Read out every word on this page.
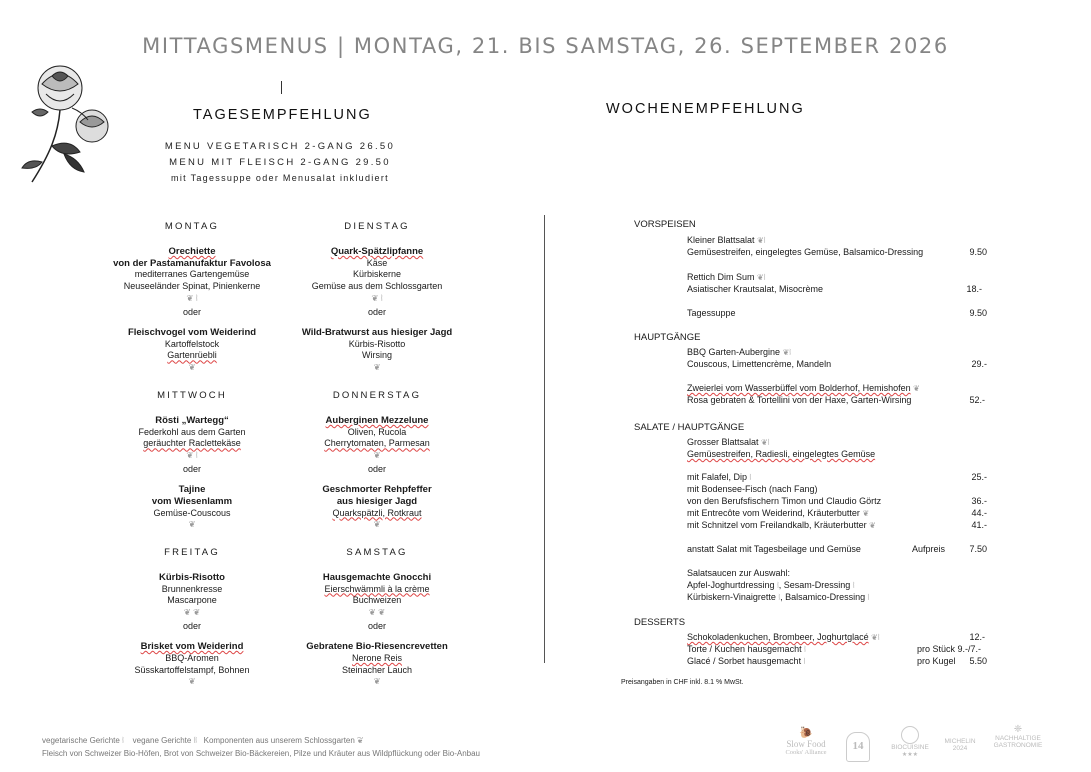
MITTAGSMENUS | MONTAG, 21. BIS SAMSTAG, 26. SEPTEMBER 2026
TAGESEMPFEHLUNG	WOCHENEMPFEHLUNG
MENU VEGETARISCH 2-GANG 26.50
MENU MIT FLEISCH 2-GANG 29.50
mit Tagessuppe oder Menusalat inkludiert
MONTAG
Orechiette
von der Pastamanufaktur Favolosa
mediterranes Gartengemüse
Neuseeländer Spinat, Pinienkerne
❦ ⦚
oder
Fleischvogel vom Weiderind
Kartoffelstock
Gartenrüebli
❦
DIENSTAG
Quark-Spätzlipfanne
Käse
Kürbiskerne
Gemüse aus dem Schlossgarten
❦ ⦚
oder
Wild-Bratwurst aus hiesiger Jagd
Kürbis-Risotto
Wirsing
❦
MITTWOCH
Rösti „Wartegg“
Federkohl aus dem Garten
geräuchter Raclettekäse
❦ ⦚
oder
Tajine
vom Wiesenlamm
Gemüse-Couscous
❦
DONNERSTAG
Auberginen Mezzelune
Oliven, Rucola
Cherrytomaten, Parmesan
❦
oder
Geschmorter Rehpfeffer
aus hiesiger Jagd
Quarkspätzli, Rotkraut
❦
FREITAG
Kürbis-Risotto
Brunnenkresse
Mascarpone
❦ ❦
oder
Brisket vom Weiderind
BBQ-Aromen
Süsskartoffelstampf, Bohnen
❦
SAMSTAG
Hausgemachte Gnocchi
Eierschwämmli à la crème
Buchweizen
❦ ❦
oder
Gebratene Bio-Riesencrevetten
Nerone Reis
Steinacher Lauch
❦
VORSPEISEN
Kleiner Blattsalat ❦⦚
Gemüsestreifen, eingelegtes Gemüse, Balsamico-Dressing	9.50
Rettich Dim Sum ❦⦚
Asiatischer Krautsalat, Misocrème	18.-
Tagessuppe	9.50
HAUPTGÄNGE
BBQ Garten-Aubergine ❦⦚
Couscous, Limettencrème, Mandeln	29.-
Zweierlei vom Wasserbüffel vom Bolderhof, Hemishofen ❦
Rosa gebraten & Tortellini von der Haxe, Garten-Wirsing	52.-
SALATE / HAUPTGÄNGE
Grosser Blattsalat ❦⦚
Gemüsestreifen, Radiesli, eingelegtes Gemüse
mit Falafel, Dip ⦚	25.-
mit Bodensee-Fisch (nach Fang)
von den Berufsfischern Timon und Claudio Görtz	36.-
mit Entrecôte vom Weiderind, Kräuterbutter ❦	44.-
mit Schnitzel vom Freilandkalb, Kräuterbutter ❦	41.-
anstatt Salat mit Tagesbeilage und Gemüse	Aufpreis	7.50
Salatsaucen zur Auswahl:
Apfel-Joghurtdressing ⦚, Sesam-Dressing ⦚
Kürbiskern-Vinaigrette ⦚, Balsamico-Dressing ⦚
DESSERTS
Schokoladenkuchen, Brombeer, Joghurtglacé ❦⦚	12.-
Torte / Kuchen hausgemacht ⦚	pro Stück 9.-/7.-
Glacé / Sorbet hausgemacht ⦚	pro Kugel	5.50
Preisangaben in CHF inkl. 8.1 % MwSt.
vegetarische Gerichte ⦚ vegane Gerichte ⦚⦚ Komponenten aus unserem Schlossgarten ❦
Fleisch von Schweizer Bio-Höfen, Brot von Schweizer Bio-Bäckereien, Pilze und Kräuter aus Wildpflückung oder Bio-Anbau
🐌
Slow Food
Cooks' Alliance
14	BIOCUISINE
★★★
MICHELIN
2024
❈
NACHHALTIGE
GASTRONOMIE
